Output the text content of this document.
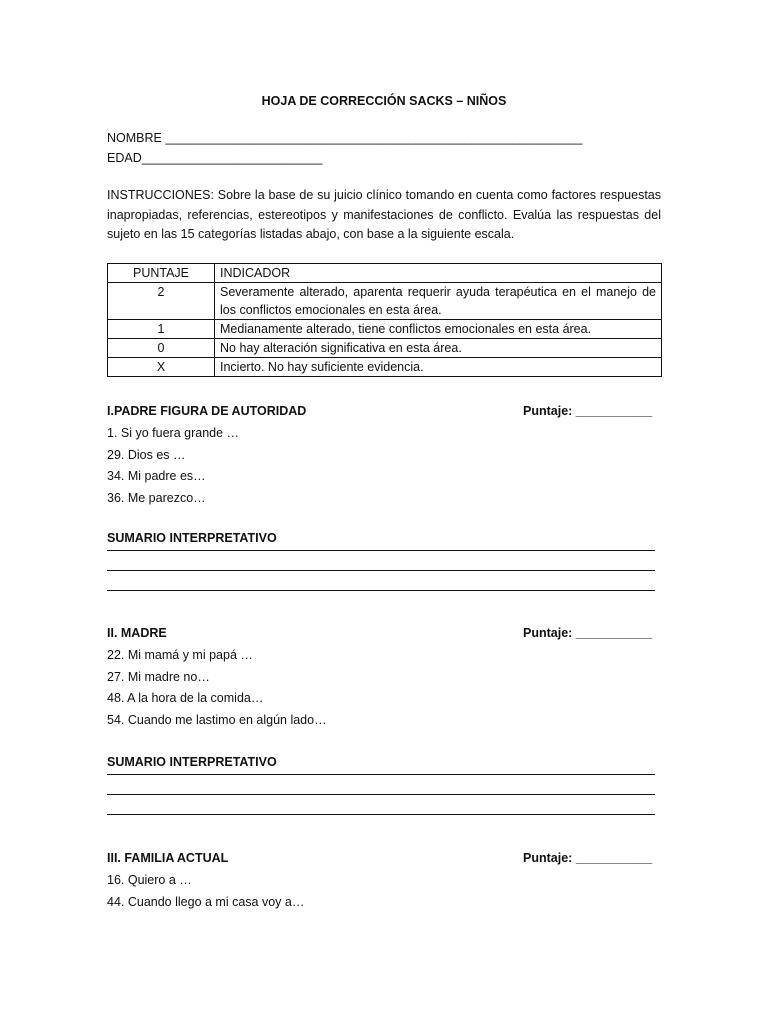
HOJA DE CORRECCIÓN SACKS – NIÑOS
NOMBRE ____________________________________________________________
EDAD__________________________
INSTRUCCIONES: Sobre la base de su juicio clínico tomando en cuenta como factores respuestas inapropiadas, referencias, estereotipos y manifestaciones de conflicto. Evalúa las respuestas del sujeto en las 15 categorías listadas abajo, con base a la siguiente escala.
PUNTAJE	INDICADOR
2	Severamente alterado, aparenta requerir ayuda terapéutica en el manejo de los conflictos emocionales en esta área.
1	Medianamente alterado, tiene conflictos emocionales en esta área.
0	No hay alteración significativa en esta área.
X	Incierto. No hay suficiente evidencia.
I.PADRE FIGURA DE AUTORIDAD	Puntaje: ___________
1. Si yo fuera grande …
29. Dios es …
34. Mi padre es…
36. Me parezco…
SUMARIO INTERPRETATIVO
II. MADRE	Puntaje: ___________
22. Mi mamá y mi papá …
27. Mi madre no…
48. A la hora de la comida…
54. Cuando me lastimo en algún lado…
SUMARIO INTERPRETATIVO
III. FAMILIA ACTUAL	Puntaje: ___________
16. Quiero a …
44. Cuando llego a mi casa voy a…
